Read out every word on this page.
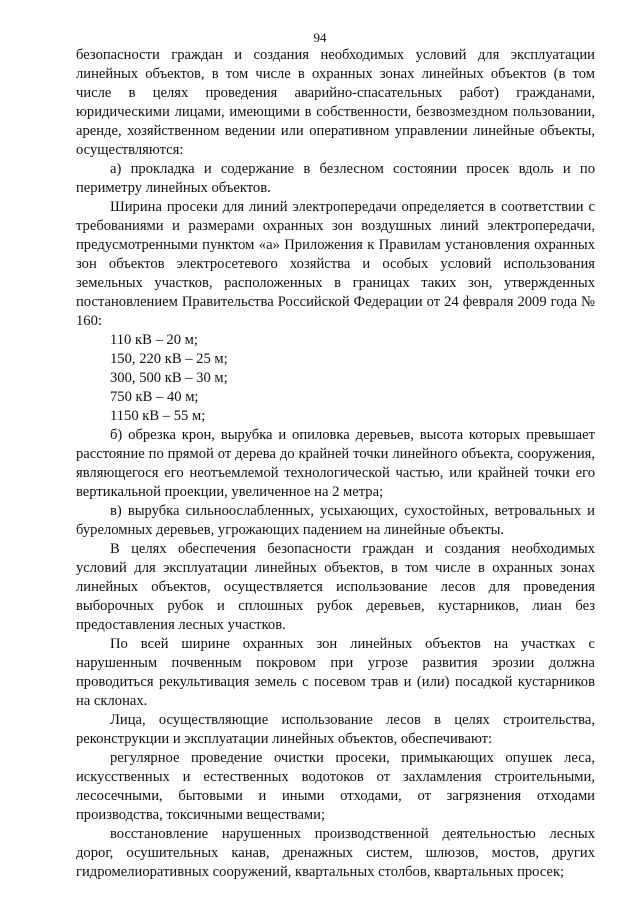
94

безопасности граждан и создания необходимых условий для эксплуатации линейных объектов, в том числе в охранных зонах линейных объектов (в том числе в целях проведения аварийно-спасательных работ) гражданами, юридическими лицами, имеющими в собственности, безвозмездном пользовании, аренде, хозяйственном ведении или оперативном управлении линейные объекты, осуществляются:

а) прокладка и содержание в безлесном состоянии просек вдоль и по периметру линейных объектов.

Ширина просеки для линий электропередачи определяется в соответствии с требованиями и размерами охранных зон воздушных линий электропередачи, предусмотренными пунктом «а» Приложения к Правилам установления охранных зон объектов электросетевого хозяйства и особых условий использования земельных участков, расположенных в границах таких зон, утвержденных постановлением Правительства Российской Федерации от 24 февраля 2009 года № 160:

110 кВ – 20 м;

150, 220 кВ – 25 м;

300, 500 кВ – 30 м;

750 кВ – 40 м;

1150 кВ – 55 м;

б) обрезка крон, вырубка и опиловка деревьев, высота которых превышает расстояние по прямой от дерева до крайней точки линейного объекта, сооружения, являющегося его неотъемлемой технологической частью, или крайней точки его вертикальной проекции, увеличенное на 2 метра;

в) вырубка сильноослабленных, усыхающих, сухостойных, ветровальных и буреломных деревьев, угрожающих падением на линейные объекты.

В целях обеспечения безопасности граждан и создания необходимых условий для эксплуатации линейных объектов, в том числе в охранных зонах линейных объектов, осуществляется использование лесов для проведения выборочных рубок и сплошных рубок деревьев, кустарников, лиан без предоставления лесных участков.

По всей ширине охранных зон линейных объектов на участках с нарушенным почвенным покровом при угрозе развития эрозии должна проводиться рекультивация земель с посевом трав и (или) посадкой кустарников на склонах.

Лица, осуществляющие использование лесов в целях строительства, реконструкции и эксплуатации линейных объектов, обеспечивают:

регулярное проведение очистки просеки, примыкающих опушек леса, искусственных и естественных водотоков от захламления строительными, лесосечными, бытовыми и иными отходами, от загрязнения отходами производства, токсичными веществами;

восстановление нарушенных производственной деятельностью лесных дорог, осушительных канав, дренажных систем, шлюзов, мостов, других гидромелиоративных сооружений, квартальных столбов, квартальных просек;
